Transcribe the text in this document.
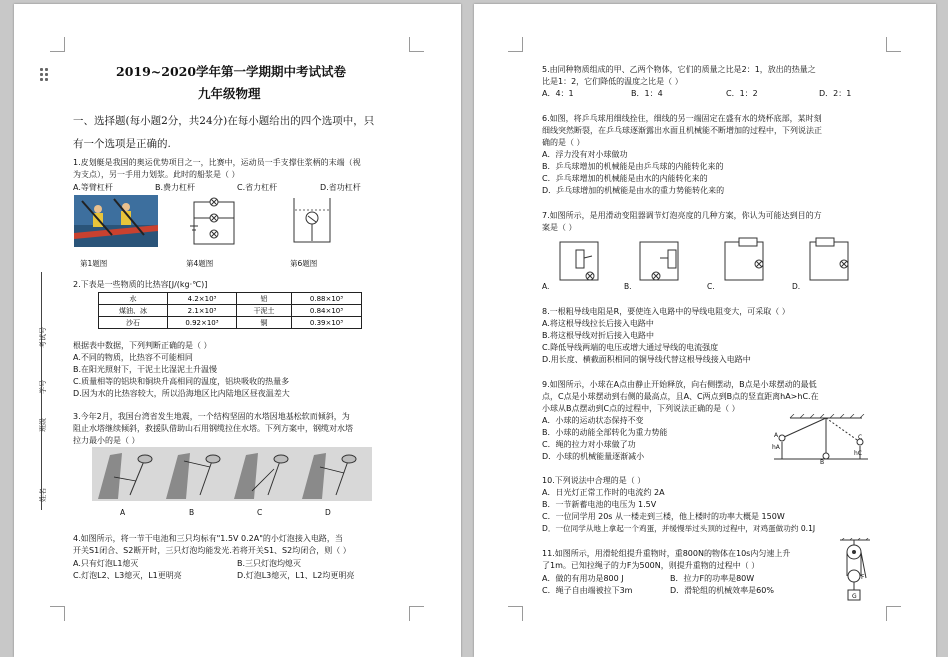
2019~2020学年第一学期期中考试试卷
九年级物理
一、选择题(每小题2分，共24分)在每小题给出的四个选项中，只
有一个选项是正确的.
1.皮划艇是我国的奥运优势项目之一，比赛中，运动员一手支撑住浆柄的末端（视
为支点），另一手用力划浆。此时的船浆是（ ）
A.等臂杠杆	B.费力杠杆	C.省力杠杆	D.省功杠杆
第1题图	第4题图	第6题图
2.下表是一些物质的比热容[J/(kg·℃)]
水	4.2×10³	铝	0.88×10³
煤油、冰	2.1×10³	干泥土	0.84×10³
沙石	0.92×10³	铜	0.39×10³
根据表中数据，下列判断正确的是（ ）
A.不同的物质，比热容不可能相同
B.在阳光照射下，干泥土比湿泥土升温慢
C.质量相等的铝块和铜块升高相同的温度，铝块吸收的热量多
D.因为水的比热容较大，所以沿海地区比内陆地区昼夜温差大
3.今年2月，我国台湾省发生地震，一个结构坚固的水塔因地基松软而倾斜，为
阻止水塔继续倾斜，救援队借助山石用钢缆拉住水塔。下列方案中，钢缆对水塔
拉力最小的是（ ）
A	B	C	D
4.如图所示，将一节干电池和三只均标有"1.5V 0.2A"的小灯泡接入电路，当
开关S1闭合、S2断开时，三只灯泡均能发光.若将开关S1、S2均闭合，则（ ）
A.只有灯泡L1熄灭	B.三只灯泡均熄灭
C.灯泡L2、L3熄灭，L1更明亮	D.灯泡L3熄灭，L1、L2均更明亮
考试号
学号
班级
姓名
5.由同种物质组成的甲、乙两个物体，它们的质量之比是2：1，放出的热量之
比是1：2，它们降低的温度之比是（ ）
A．4：1	B．1：4	C．1：2	D．2：1
6.如图，将乒乓球用细线拴住，细线的另一端固定在盛有水的烧杯底部，某时刻
细线突然断裂，在乒乓球逐渐露出水面且机械能不断增加的过程中，下列说法正
确的是（ ）
A．浮力没有对小球做功
B．乒乓球增加的机械能是由乒乓球的内能转化来的
C．乒乓球增加的机械能是由水的内能转化来的
D．乒乓球增加的机械能是由水的重力势能转化来的
7.如图所示，是用滑动变阻器调节灯泡亮度的几种方案，你认为可能达到目的方
案是（ ）
A.	B.	C.	D.
8.一根粗导线电阻是R，要使连入电路中的导线电阻变大，可采取（ ）
A.将这根导线拉长后接入电路中
B.将这根导线对折后接入电路中
C.降低导线两端的电压或增大通过导线的电流强度
D.用长度、横截面积相同的铜导线代替这根导线接入电路中
9.如图所示，小球在A点由静止开始释放，向右侧摆动，B点是小球摆动的最低
点，C点是小球摆动到右侧的最高点，且A、C两点到B点的竖直距离hA>hC.在
小球从B点摆动到C点的过程中，下列说法正确的是（ ）
A．小球的运动状态保持不变
B．小球的动能全部转化为重力势能
C．绳的拉力对小球做了功
D．小球的机械能量逐渐减小
hA
hC
A
B
C
10.下列说法中合理的是（ ）
A．日光灯正常工作时的电流约 2A
B．一节新蓄电池的电压为 1.5V
C．一位同学用 20s 从一楼走到三楼，他上楼时的功率大概是 150W
D．一位同学从地上拿起一个鸡蛋，并缓慢举过头顶的过程中，对鸡蛋做功约 0.1J
11.如图所示，用滑轮组提升重物时，重800N的物体在10s内匀速上升
了1m。已知拉绳子的力F为500N，则提升重物的过程中（ ）
A．做的有用功是800 J	B．拉力F的功率是80W
C．绳子自由端被拉下3m	D．滑轮组的机械效率是60%
F
G
